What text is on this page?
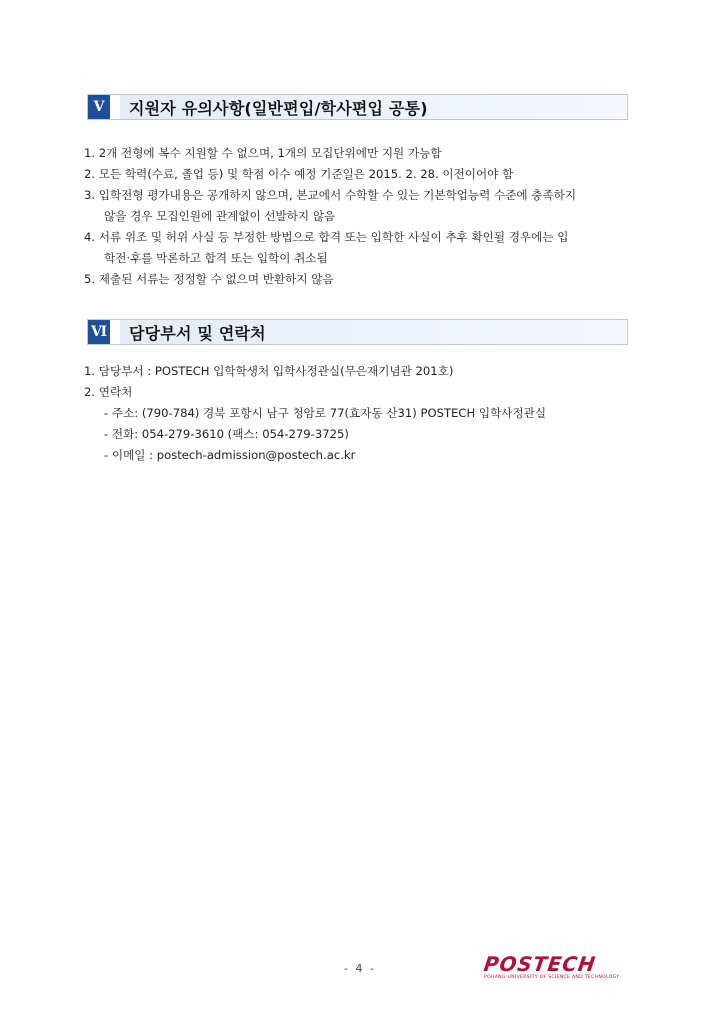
Ⅴ	지원자 유의사항(일반편입/학사편입 공통)
1. 2개 전형에 복수 지원할 수 없으며, 1개의 모집단위에만 지원 가능함
2. 모든 학력(수료, 졸업 등) 및 학점 이수 예정 기준일은 2015. 2. 28. 이전이어야 함
3. 입학전형 평가내용은 공개하지 않으며, 본교에서 수학할 수 있는 기본학업능력 수준에 충족하지
않을 경우 모집인원에 관계없이 선발하지 않음
4. 서류 위조 및 허위 사실 등 부정한 방법으로 합격 또는 입학한 사실이 추후 확인될 경우에는 입
학전·후를 막론하고 합격 또는 입학이 취소됨
5. 제출된 서류는 정정할 수 없으며 반환하지 않음
Ⅵ	담당부서 및 연락처
1. 담당부서 : POSTECH 입학학생처 입학사정관실(무은재기념관 201호)
2. 연락처
- 주소: (790-784) 경북 포항시 남구 청암로 77(효자동 산31) POSTECH 입학사정관실
- 전화: 054-279-3610 (팩스: 054-279-3725)
- 이메일 : postech-admission@postech.ac.kr
- 4 -	POSTECH
POHANG UNIVERSITY OF SCIENCE AND TECHNOLOGY
